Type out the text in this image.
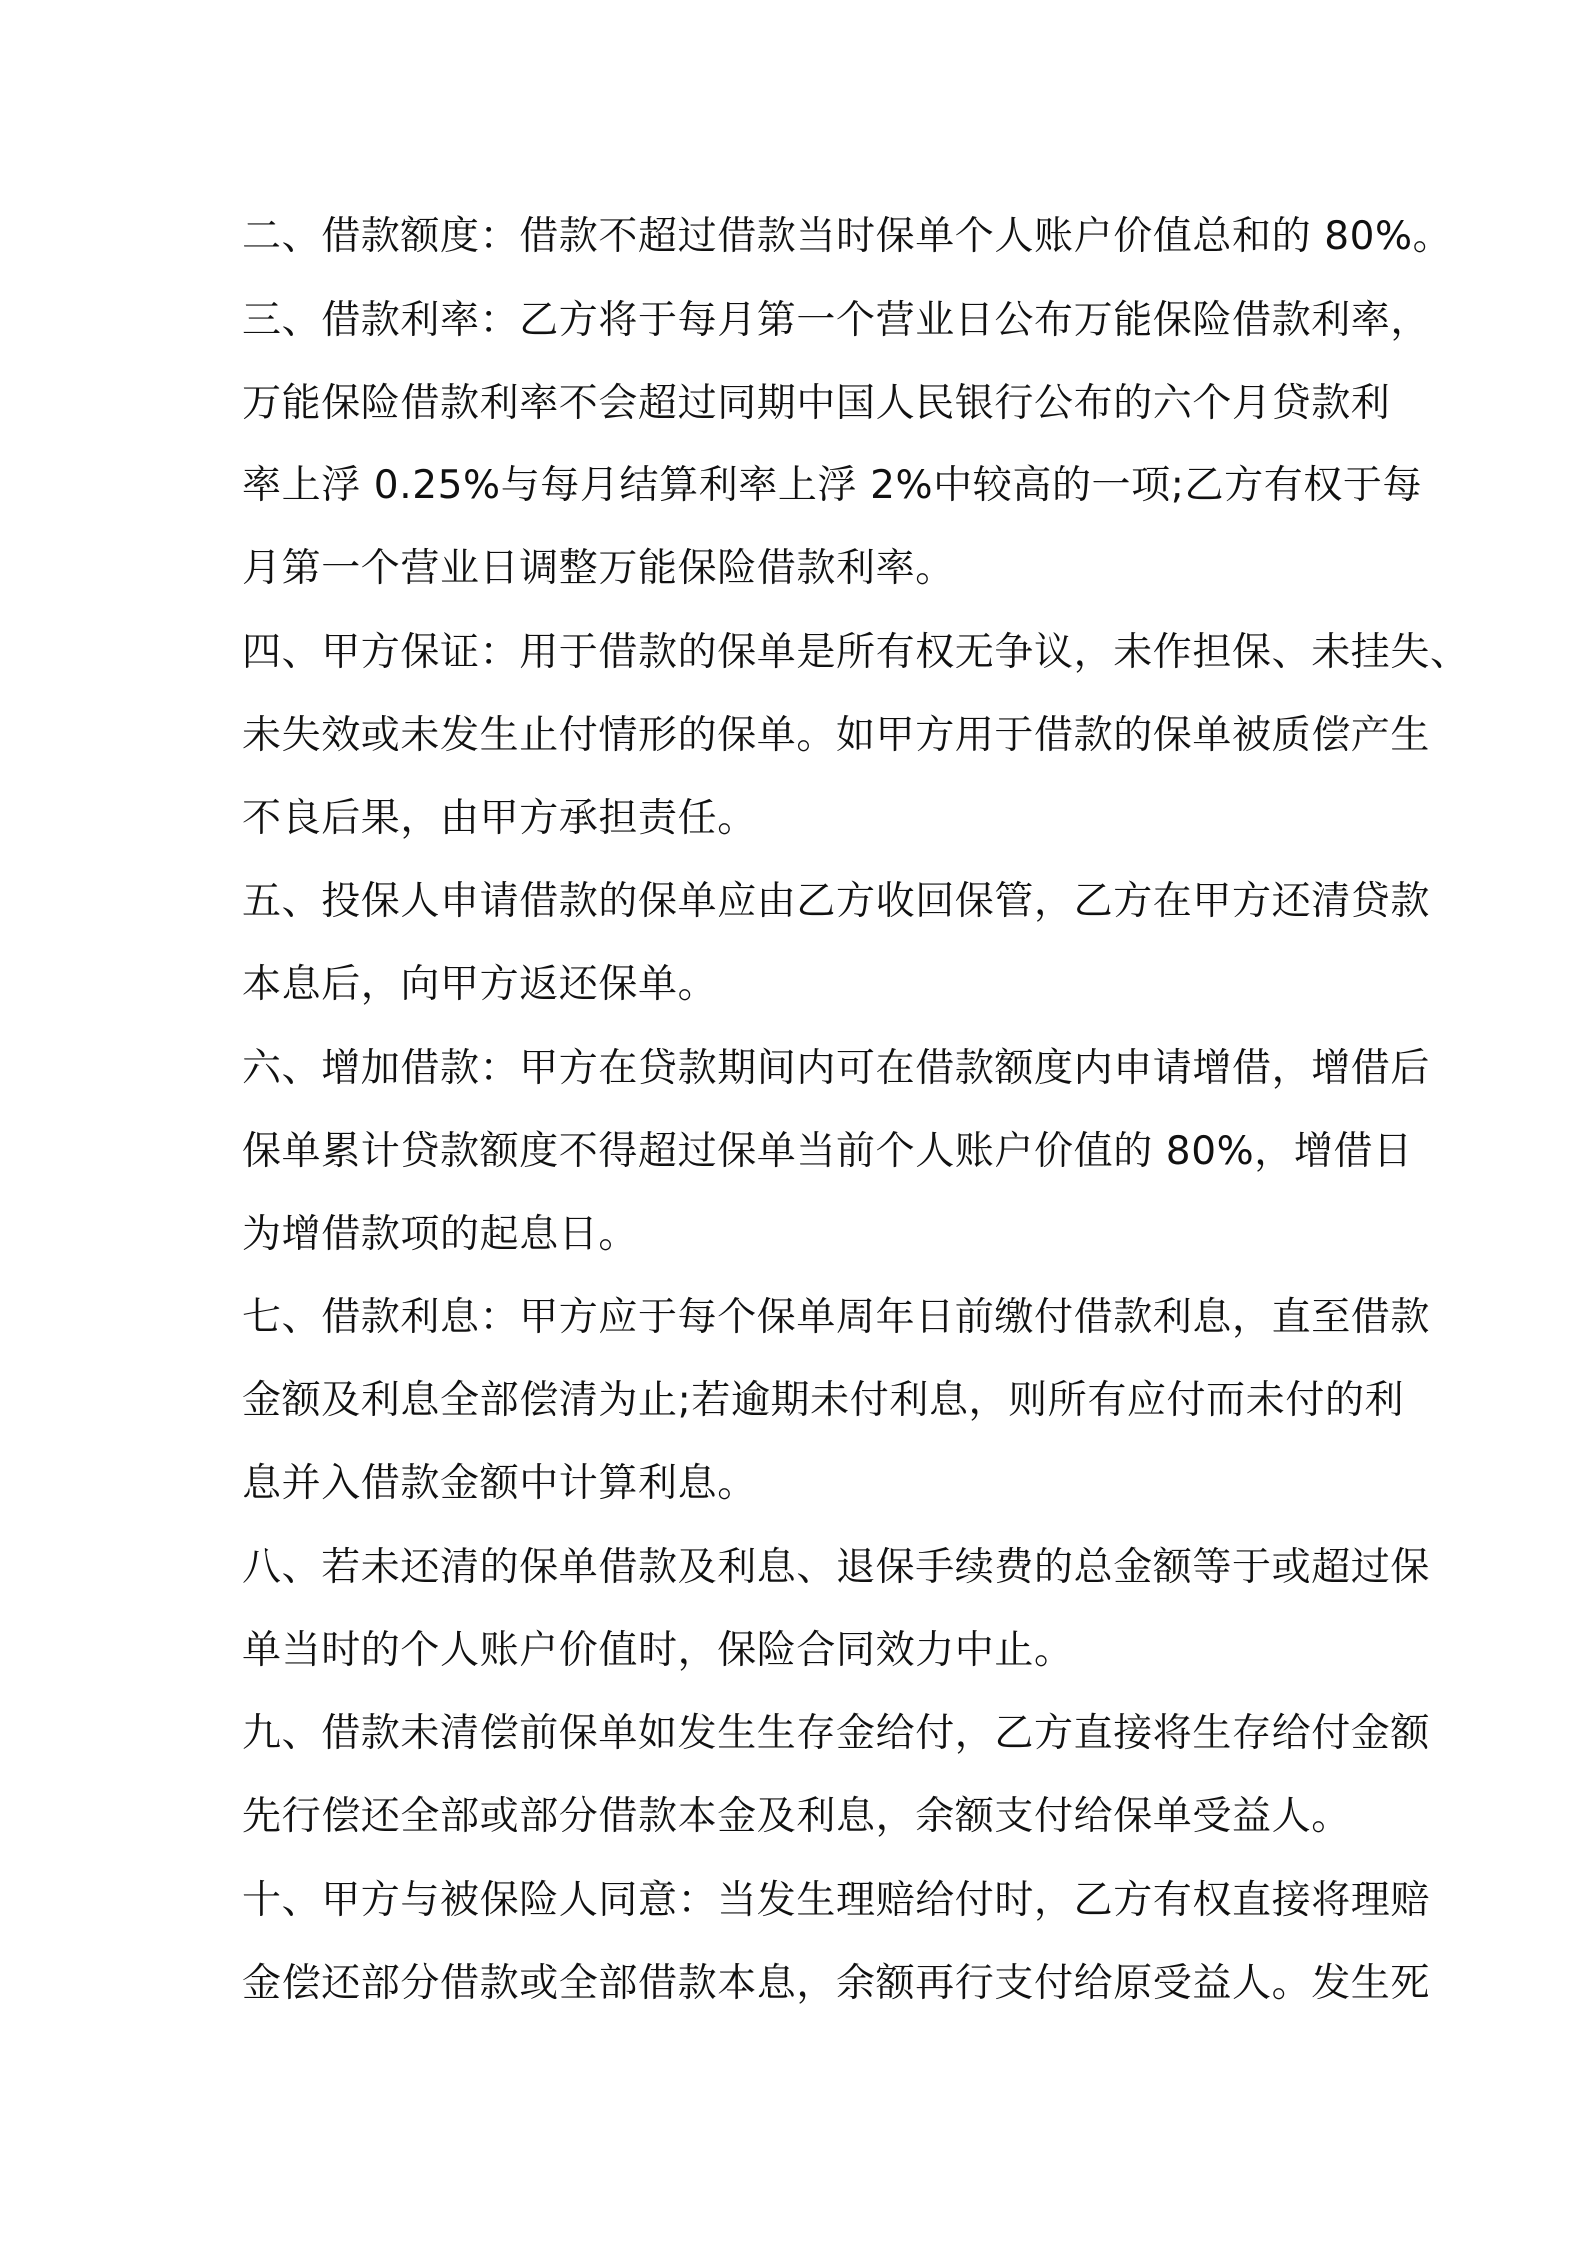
二、借款额度：借款不超过借款当时保单个人账户价值总和的 80%。

三、借款利率：乙方将于每月第一个营业日公布万能保险借款利率，
万能保险借款利率不会超过同期中国人民银行公布的六个月贷款利
率上浮 0.25%与每月结算利率上浮 2%中较高的一项;乙方有权于每
月第一个营业日调整万能保险借款利率。

四、甲方保证：用于借款的保单是所有权无争议，未作担保、未挂失、
未失效或未发生止付情形的保单。如甲方用于借款的保单被质偿产生
不良后果，由甲方承担责任。

五、投保人申请借款的保单应由乙方收回保管，乙方在甲方还清贷款
本息后，向甲方返还保单。

六、增加借款：甲方在贷款期间内可在借款额度内申请增借，增借后
保单累计贷款额度不得超过保单当前个人账户价值的 80%，增借日
为增借款项的起息日。

七、借款利息：甲方应于每个保单周年日前缴付借款利息，直至借款
金额及利息全部偿清为止;若逾期未付利息，则所有应付而未付的利
息并入借款金额中计算利息。

八、若未还清的保单借款及利息、退保手续费的总金额等于或超过保
单当时的个人账户价值时，保险合同效力中止。

九、借款未清偿前保单如发生生存金给付，乙方直接将生存给付金额
先行偿还全部或部分借款本金及利息，余额支付给保单受益人。

十、甲方与被保险人同意：当发生理赔给付时，乙方有权直接将理赔
金偿还部分借款或全部借款本息，余额再行支付给原受益人。发生死
